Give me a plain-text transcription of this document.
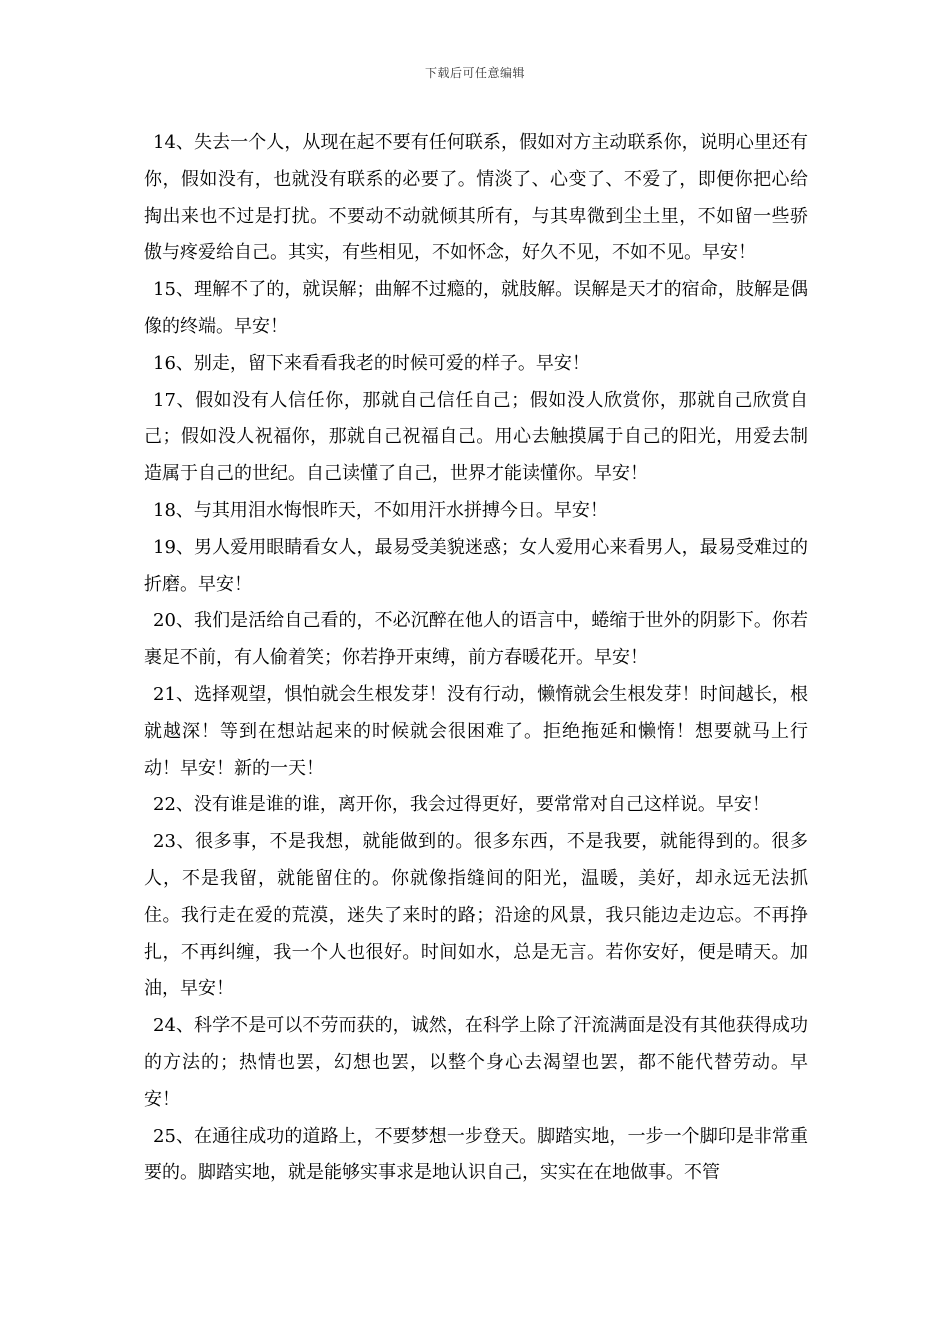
下载后可任意编辑

14、失去一个人，从现在起不要有任何联系，假如对方主动联系你，说明心里还有你，假如没有，也就没有联系的必要了。情淡了、心变了、不爱了，即便你把心给掏出来也不过是打扰。不要动不动就倾其所有，与其卑微到尘土里，不如留一些骄傲与疼爱给自己。其实，有些相见，不如怀念，好久不见，不如不见。早安！

15、理解不了的，就误解；曲解不过瘾的，就肢解。误解是天才的宿命，肢解是偶像的终端。早安！

16、别走，留下来看看我老的时候可爱的样子。早安！

17、假如没有人信任你，那就自己信任自己；假如没人欣赏你，那就自己欣赏自己；假如没人祝福你，那就自己祝福自己。用心去触摸属于自己的阳光，用爱去制造属于自己的世纪。自己读懂了自己，世界才能读懂你。早安！

18、与其用泪水悔恨昨天，不如用汗水拼搏今日。早安！

19、男人爱用眼睛看女人，最易受美貌迷惑；女人爱用心来看男人，最易受难过的折磨。早安！

20、我们是活给自己看的，不必沉醉在他人的语言中，蜷缩于世外的阴影下。你若裹足不前，有人偷着笑；你若挣开束缚，前方春暖花开。早安！

21、选择观望，惧怕就会生根发芽！没有行动，懒惰就会生根发芽！时间越长，根就越深！等到在想站起来的时候就会很困难了。拒绝拖延和懒惰！想要就马上行动！早安！新的一天！

22、没有谁是谁的谁，离开你，我会过得更好，要常常对自己这样说。早安！

23、很多事，不是我想，就能做到的。很多东西，不是我要，就能得到的。很多人，不是我留，就能留住的。你就像指缝间的阳光，温暖，美好，却永远无法抓住。我行走在爱的荒漠，迷失了来时的路；沿途的风景，我只能边走边忘。不再挣扎，不再纠缠，我一个人也很好。时间如水，总是无言。若你安好，便是晴天。加油，早安！

24、科学不是可以不劳而获的，诚然，在科学上除了汗流满面是没有其他获得成功的方法的；热情也罢，幻想也罢，以整个身心去渴望也罢，都不能代替劳动。早安！

25、在通往成功的道路上，不要梦想一步登天。脚踏实地，一步一个脚印是非常重要的。脚踏实地，就是能够实事求是地认识自己，实实在在地做事。不管
